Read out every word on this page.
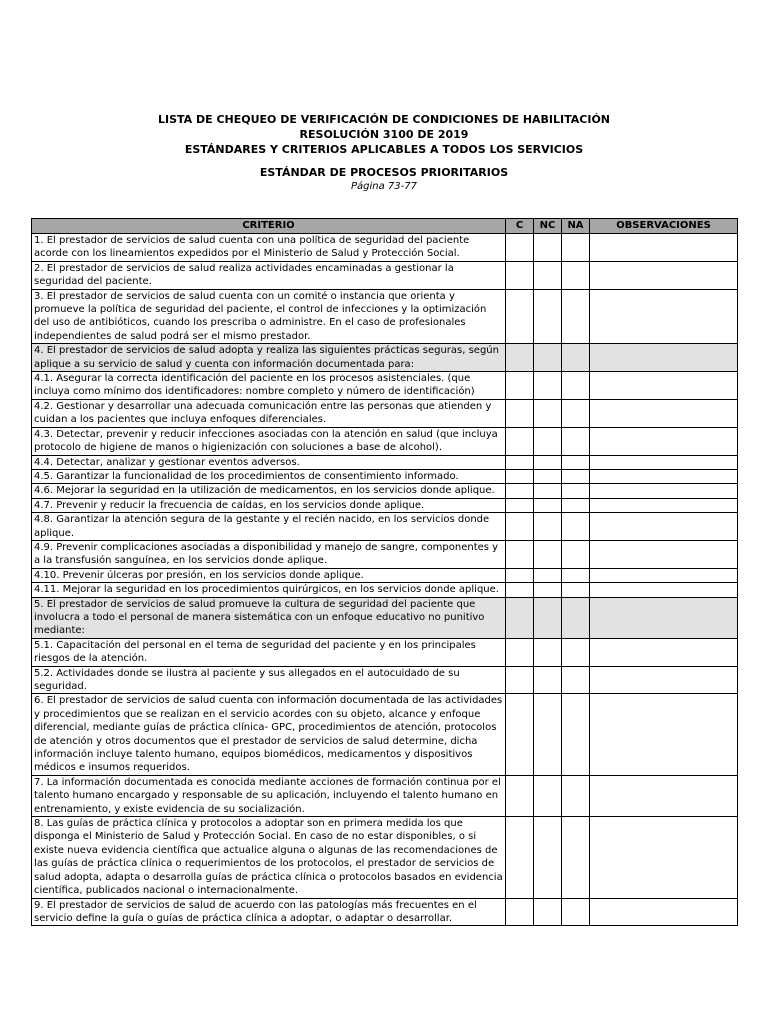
LISTA DE CHEQUEO DE VERIFICACIÓN DE CONDICIONES DE HABILITACIÓN

RESOLUCIÓN 3100 DE 2019

ESTÁNDARES Y CRITERIOS APLICABLES A TODOS LOS SERVICIOS

ESTÁNDAR DE PROCESOS PRIORITARIOS

Página 73-77

CRITERIO	C	NC	NA	OBSERVACIONES
1. El prestador de servicios de salud cuenta con una política de seguridad del paciente acorde con los lineamientos expedidos por el Ministerio de Salud y Protección Social.				
2. El prestador de servicios de salud realiza actividades encaminadas a gestionar la seguridad del paciente.				
3. El prestador de servicios de salud cuenta con un comité o instancia que orienta y promueve la política de seguridad del paciente, el control de infecciones y la optimización del uso de antibióticos, cuando los prescriba o administre. En el caso de profesionales independientes de salud podrá ser el mismo prestador.				
4. El prestador de servicios de salud adopta y realiza las siguientes prácticas seguras, según aplique a su servicio de salud y cuenta con información documentada para:				
4.1. Asegurar la correcta identificación del paciente en los procesos asistenciales. (que incluya como mínimo dos identificadores: nombre completo y número de identificación)				
4.2. Gestionar y desarrollar una adecuada comunicación entre las personas que atienden y cuidan a los pacientes que incluya enfoques diferenciales.				
4.3. Detectar, prevenir y reducir infecciones asociadas con la atención en salud (que incluya protocolo de higiene de manos o higienización con soluciones a base de alcohol).				
4.4. Detectar, analizar y gestionar eventos adversos.				
4.5. Garantizar la funcionalidad de los procedimientos de consentimiento informado.				
4.6. Mejorar la seguridad en la utilización de medicamentos, en los servicios donde aplique.				
4.7. Prevenir y reducir la frecuencia de caídas, en los servicios donde aplique.				
4.8. Garantizar la atención segura de la gestante y el recién nacido, en los servicios donde aplique.				
4.9. Prevenir complicaciones asociadas a disponibilidad y manejo de sangre, componentes y a la transfusión sanguínea, en los servicios donde aplique.				
4.10. Prevenir úlceras por presión, en los servicios donde aplique.				
4.11. Mejorar la seguridad en los procedimientos quirúrgicos, en los servicios donde aplique.				
5. El prestador de servicios de salud promueve la cultura de seguridad del paciente que involucra a todo el personal de manera sistemática con un enfoque educativo no punitivo mediante:				
5.1. Capacitación del personal en el tema de seguridad del paciente y en los principales riesgos de la atención.				
5.2. Actividades donde se ilustra al paciente y sus allegados en el autocuidado de su seguridad.				
6. El prestador de servicios de salud cuenta con información documentada de las actividades y procedimientos que se realizan en el servicio acordes con su objeto, alcance y enfoque diferencial, mediante guías de práctica clínica- GPC, procedimientos de atención, protocolos de atención y otros documentos que el prestador de servicios de salud determine, dicha información incluye talento humano, equipos biomédicos, medicamentos y dispositivos médicos e insumos requeridos.				
7. La información documentada es conocida mediante acciones de formación continua por el talento humano encargado y responsable de su aplicación, incluyendo el talento humano en entrenamiento, y existe evidencia de su socialización.				
8. Las guías de práctica clínica y protocolos a adoptar son en primera medida los que disponga el Ministerio de Salud y Protección Social. En caso de no estar disponibles, o si existe nueva evidencia científica que actualice alguna o algunas de las recomendaciones de las guías de práctica clínica o requerimientos de los protocolos, el prestador de servicios de salud adopta, adapta o desarrolla guías de práctica clínica o protocolos basados en evidencia científica, publicados nacional o internacionalmente.				
9. El prestador de servicios de salud de acuerdo con las patologías más frecuentes en el servicio define la guía o guías de práctica clínica a adoptar, o adaptar o desarrollar.				
